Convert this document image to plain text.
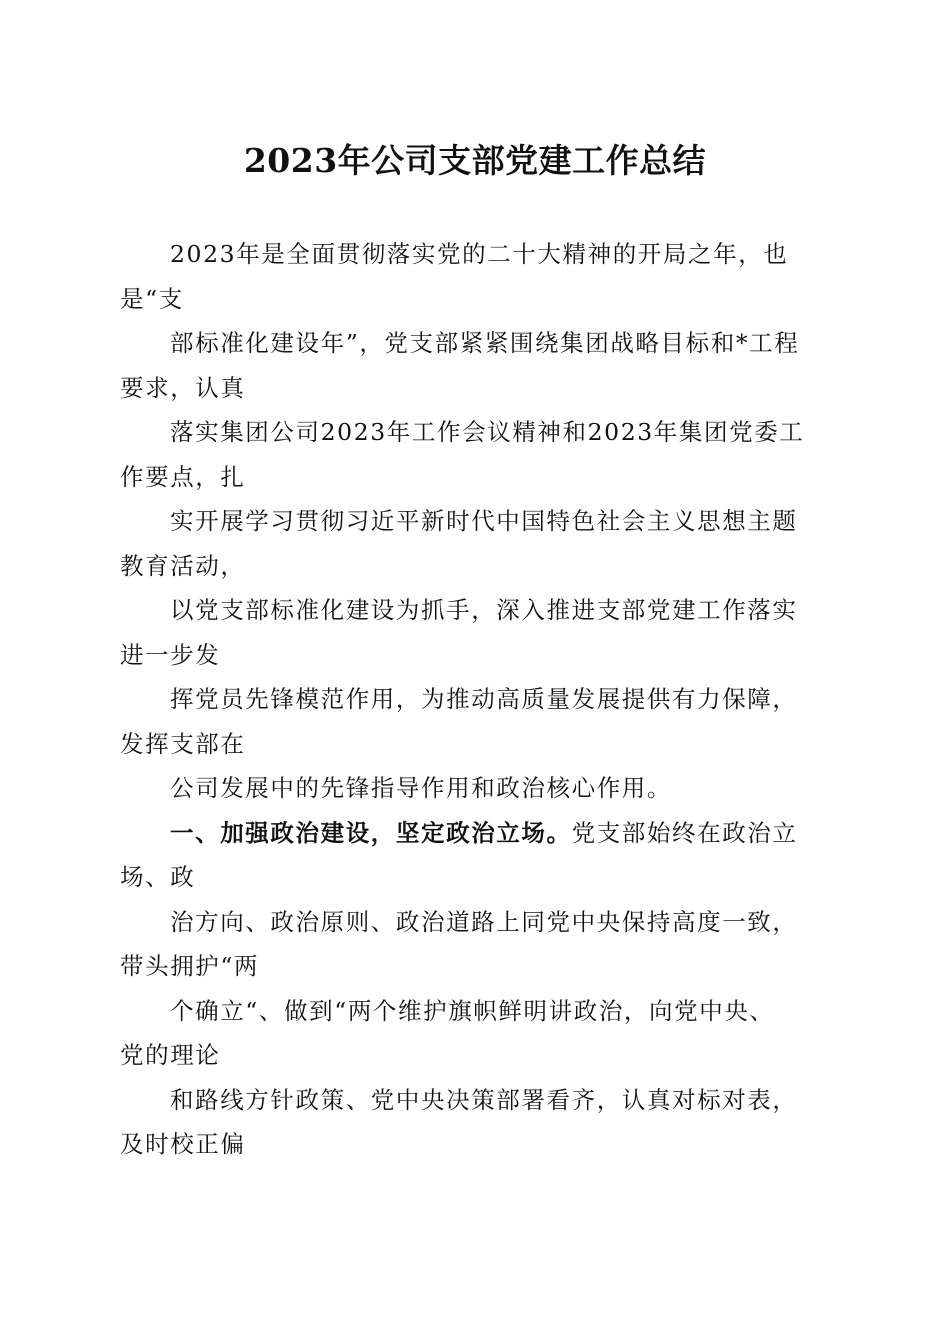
2023年公司支部党建工作总结
2023年是全面贯彻落实党的二十大精神的开局之年，也
是“支
部标准化建设年”，党支部紧紧围绕集团战略目标和*工程
要求，认真
落实集团公司2023年工作会议精神和2023年集团党委工
作要点，扎
实开展学习贯彻习近平新时代中国特色社会主义思想主题
教育活动，
以党支部标准化建设为抓手，深入推进支部党建工作落实
进一步发
挥党员先锋模范作用，为推动高质量发展提供有力保障，
发挥支部在
公司发展中的先锋指导作用和政治核心作用。
一、加强政治建设，坚定政治立场。党支部始终在政治立
场、政
治方向、政治原则、政治道路上同党中央保持高度一致，
带头拥护“两
个确立“、做到“两个维护旗帜鲜明讲政治，向党中央、
党的理论
和路线方针政策、党中央决策部署看齐，认真对标对表，
及时校正偏
